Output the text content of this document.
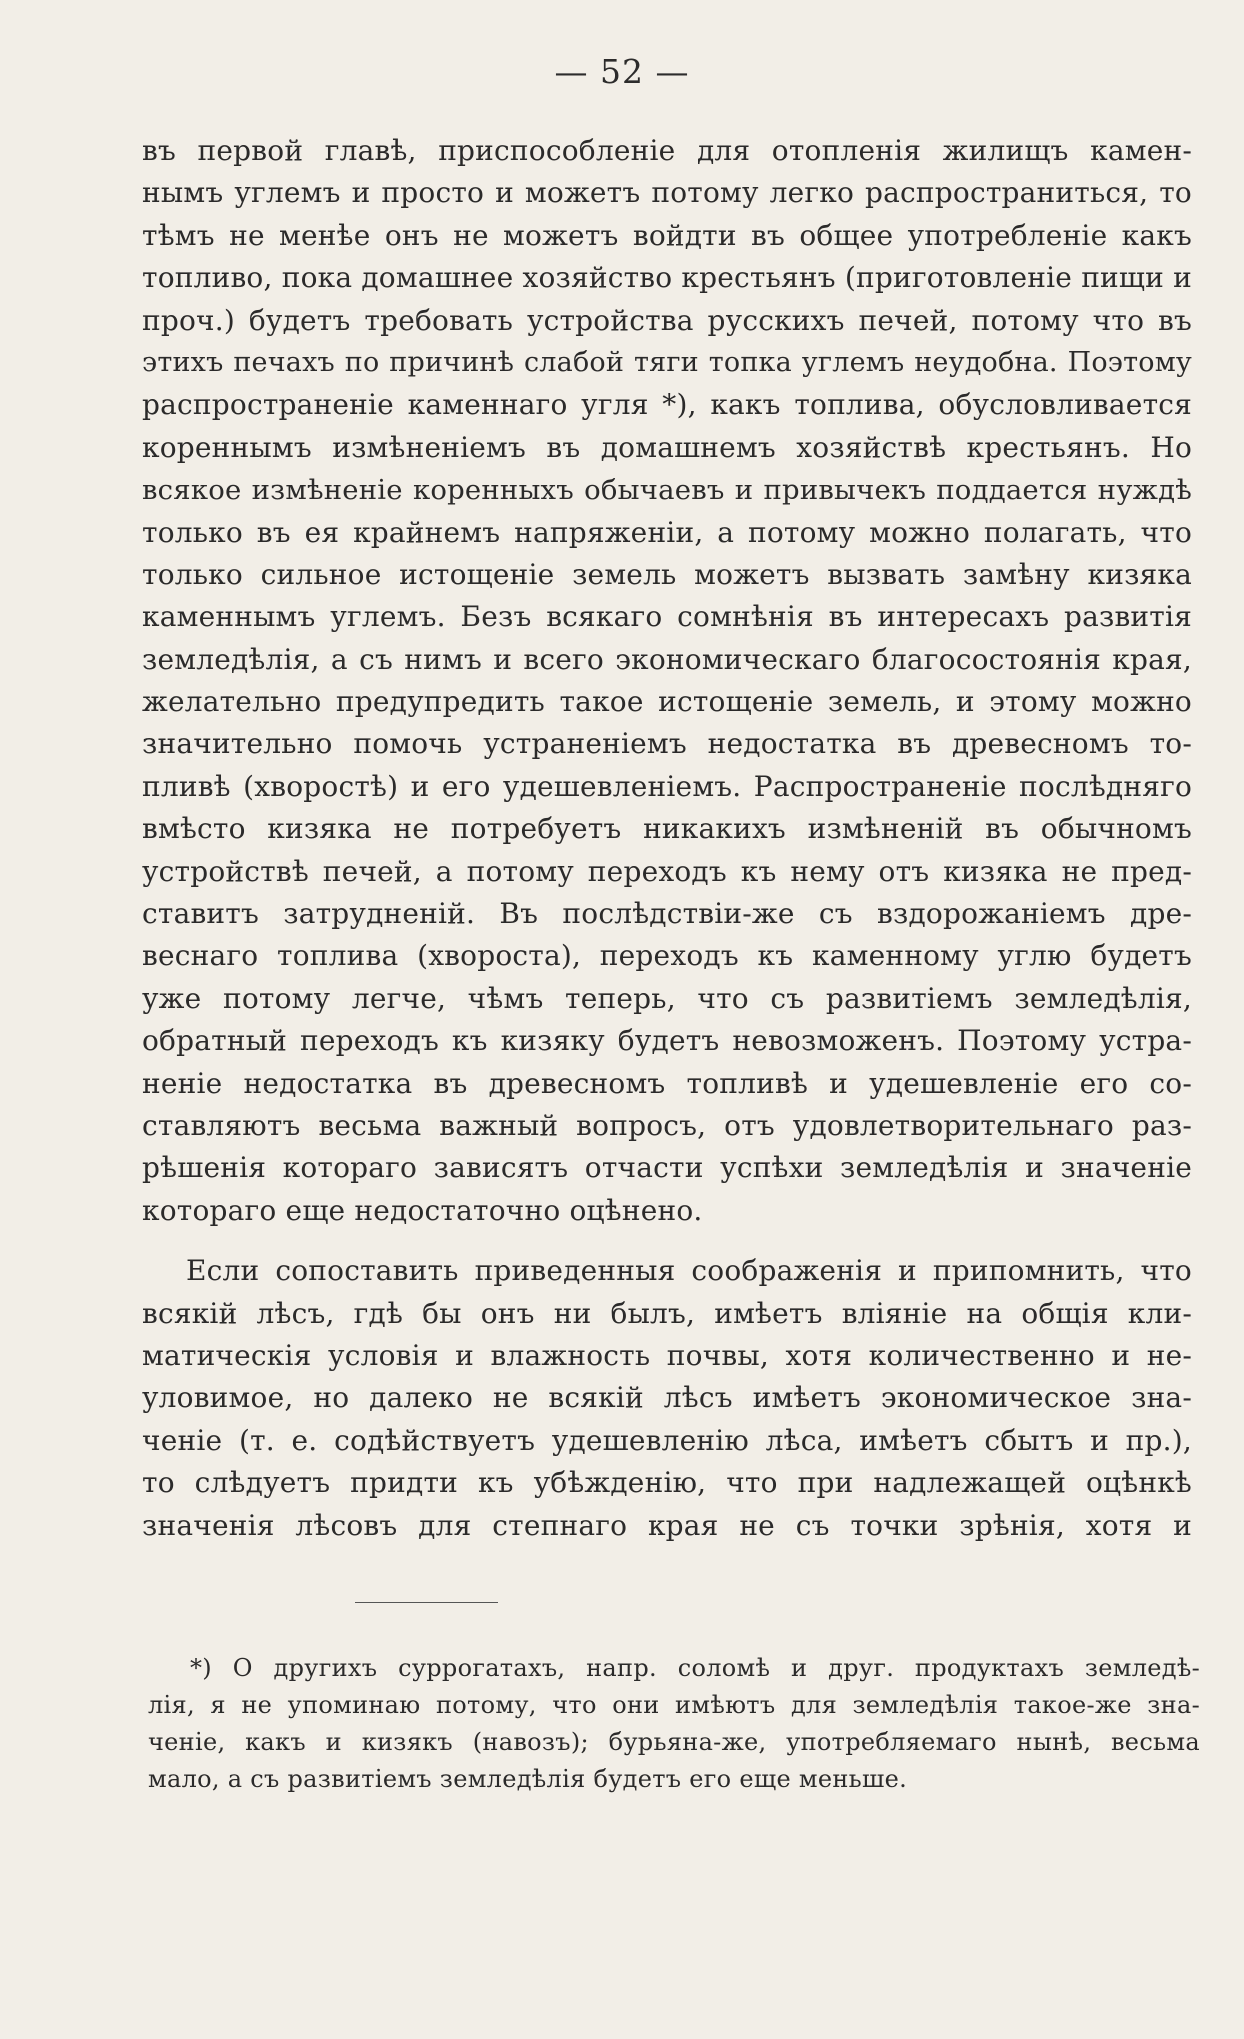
— 52 —
въ первой главѣ, приспособленіе для отопленія жилищъ камен-
нымъ углемъ и просто и можетъ потому легко распространиться, то
тѣмъ не менѣе онъ не можетъ войдти въ общее употребленіе какъ
топливо, пока домашнее хозяйство крестьянъ (приготовленіе пищи и
проч.) будетъ требовать устройства русскихъ печей, потому что въ
этихъ печахъ по причинѣ слабой тяги топка углемъ неудобна. Поэтому
распространеніе каменнаго угля *), какъ топлива, обусловливается
кореннымъ измѣненіемъ въ домашнемъ хозяйствѣ крестьянъ. Но
всякое измѣненіе коренныхъ обычаевъ и привычекъ поддается нуждѣ
только въ ея крайнемъ напряженіи, а потому можно полагать, что
только сильное истощеніе земель можетъ вызвать замѣну кизяка
каменнымъ углемъ. Безъ всякаго сомнѣнія въ интересахъ развитія
земледѣлія, а съ нимъ и всего экономическаго благосостоянія края,
желательно предупредить такое истощеніе земель, и этому можно
значительно помочь устраненіемъ недостатка въ древесномъ то-
пливѣ (хворостѣ) и его удешевленіемъ. Распространеніе послѣдняго
вмѣсто кизяка не потребуетъ никакихъ измѣненій въ обычномъ
устройствѣ печей, а потому переходъ къ нему отъ кизяка не пред-
ставитъ затрудненій. Въ послѣдствіи-же съ вздорожаніемъ дре-
веснаго топлива (хвороста), переходъ къ каменному углю будетъ
уже потому легче, чѣмъ теперь, что съ развитіемъ земледѣлія,
обратный переходъ къ кизяку будетъ невозможенъ. Поэтому устра-
неніе недостатка въ древесномъ топливѣ и удешевленіе его со-
ставляютъ весьма важный вопросъ, отъ удовлетворительнаго раз-
рѣшенія котораго зависятъ отчасти успѣхи земледѣлія и значеніе
котораго еще недостаточно оцѣнено.
Если сопоставить приведенныя соображенія и припомнить, что
всякій лѣсъ, гдѣ бы онъ ни былъ, имѣетъ вліяніе на общія кли-
матическія условія и влажность почвы, хотя количественно и не-
уловимое, но далеко не всякій лѣсъ имѣетъ экономическое зна-
ченіе (т. е. содѣйствуетъ удешевленію лѣса, имѣетъ сбытъ и пр.),
то слѣдуетъ придти къ убѣжденію, что при надлежащей оцѣнкѣ
значенія лѣсовъ для степнаго края не съ точки зрѣнія, хотя и
*) О другихъ суррогатахъ, напр. соломѣ и друг. продуктахъ земледѣ-
лія, я не упоминаю потому, что они имѣютъ для земледѣлія такое-же зна-
ченіе, какъ и кизякъ (навозъ); бурьяна-же, употребляемаго нынѣ, весьма
мало, а съ развитіемъ земледѣлія будетъ его еще меньше.
